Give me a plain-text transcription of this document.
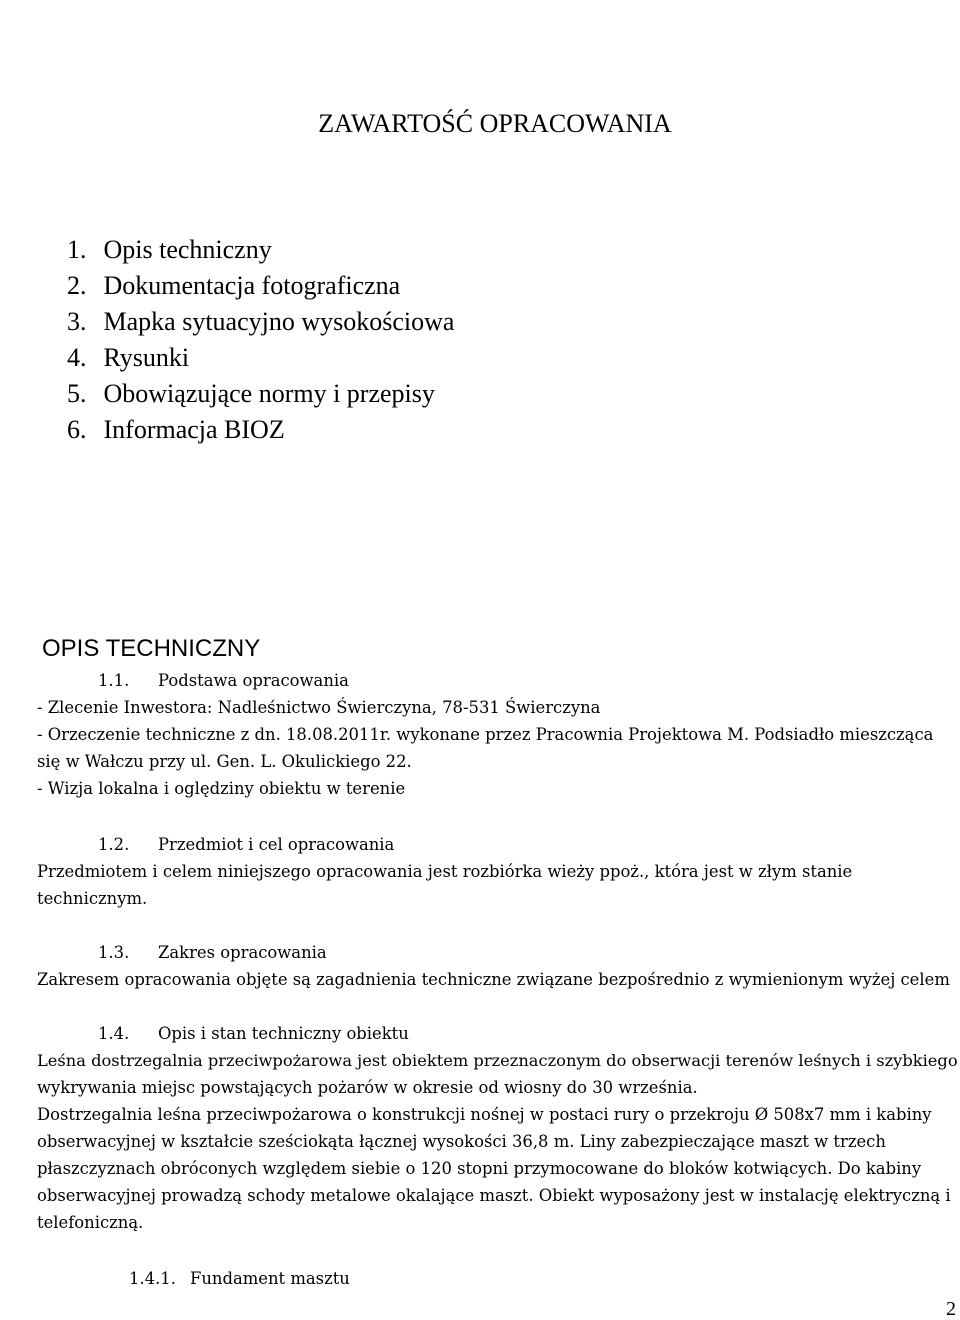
ZAWARTOŚĆ OPRACOWANIA
1. Opis techniczny
2. Dokumentacja fotograficzna
3. Mapka sytuacyjno wysokościowa
4. Rysunki
5. Obowiązujące normy i przepisy
6. Informacja BIOZ
OPIS TECHNICZNY
1.1. Podstawa opracowania
- Zlecenie Inwestora: Nadleśnictwo Świerczyna, 78-531 Świerczyna
- Orzeczenie techniczne z dn. 18.08.2011r. wykonane przez Pracownia Projektowa M. Podsiadło mieszcząca
się w Wałczu przy ul. Gen. L. Okulickiego 22.
- Wizja lokalna i oględziny obiektu w terenie
1.2. Przedmiot i cel opracowania
Przedmiotem i celem niniejszego opracowania jest rozbiórka wieży ppoż., która jest w złym stanie
technicznym.
1.3. Zakres opracowania
Zakresem opracowania objęte są zagadnienia techniczne związane bezpośrednio z wymienionym wyżej celem
1.4. Opis i stan techniczny obiektu
Leśna dostrzegalnia przeciwpożarowa jest obiektem przeznaczonym do obserwacji terenów leśnych i szybkiego
wykrywania miejsc powstających pożarów w okresie od wiosny do 30 września.
Dostrzegalnia leśna przeciwpożarowa o konstrukcji nośnej w postaci rury o przekroju Ø 508x7 mm i kabiny
obserwacyjnej w kształcie sześciokąta łącznej wysokości 36,8 m. Liny zabezpieczające maszt w trzech
płaszczyznach obróconych względem siebie o 120 stopni przymocowane do bloków kotwiących. Do kabiny
obserwacyjnej prowadzą schody metalowe okalające maszt. Obiekt wyposażony jest w instalację elektryczną i
telefoniczną.
1.4.1. Fundament masztu
2
